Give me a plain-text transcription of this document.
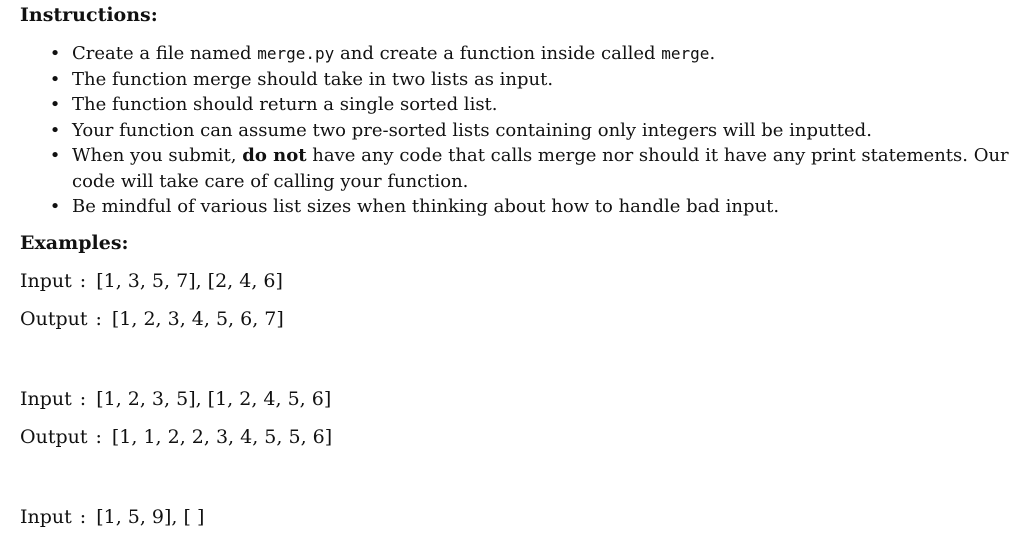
Instructions:
• Create a file named merge.py and create a function inside called merge.
• The function merge should take in two lists as input.
• The function should return a single sorted list.
• Your function can assume two pre-sorted lists containing only integers will be inputted.
• When you submit, do not have any code that calls merge nor should it have any print statements. Our code will take care of calling your function.
• Be mindful of various list sizes when thinking about how to handle bad input.
Examples:

Input : [1, 3, 5, 7], [2, 4, 6]

Output : [1, 2, 3, 4, 5, 6, 7]

Input : [1, 2, 3, 5], [1, 2, 4, 5, 6]

Output : [1, 1, 2, 2, 3, 4, 5, 5, 6]

Input : [1, 5, 9], [ ]
